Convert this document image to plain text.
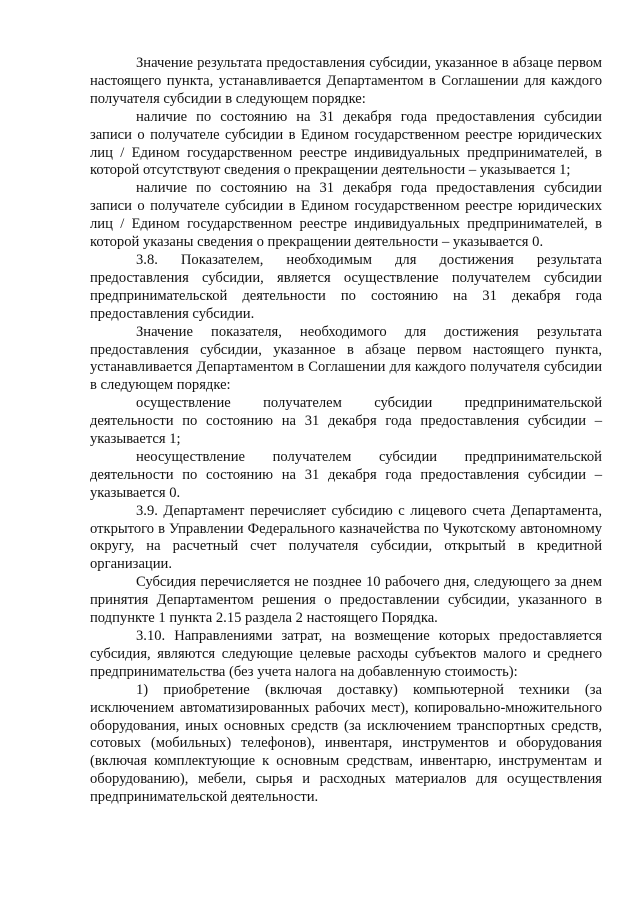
Значение результата предоставления субсидии, указанное в абзаце первом настоящего пункта, устанавливается Департаментом в Соглашении для каждого получателя субсидии в следующем порядке:

наличие по состоянию на 31 декабря года предоставления субсидии записи о получателе субсидии в Едином государственном реестре юридических лиц / Едином государственном реестре индивидуальных предпринимателей, в которой отсутствуют сведения о прекращении деятельности – указывается 1;

наличие по состоянию на 31 декабря года предоставления субсидии записи о получателе субсидии в Едином государственном реестре юридических лиц / Едином государственном реестре индивидуальных предпринимателей, в которой указаны сведения о прекращении деятельности – указывается 0.

3.8. Показателем, необходимым для достижения результата предоставления субсидии, является осуществление получателем субсидии предпринимательской деятельности по состоянию на 31 декабря года предоставления субсидии.

Значение показателя, необходимого для достижения результата предоставления субсидии, указанное в абзаце первом настоящего пункта, устанавливается Департаментом в Соглашении для каждого получателя субсидии в следующем порядке:

осуществление получателем субсидии предпринимательской деятельности по состоянию на 31 декабря года предоставления субсидии – указывается 1;

неосуществление получателем субсидии предпринимательской деятельности по состоянию на 31 декабря года предоставления субсидии – указывается 0.

3.9. Департамент перечисляет субсидию с лицевого счета Департамента, открытого в Управлении Федерального казначейства по Чукотскому автономному округу, на расчетный счет получателя субсидии, открытый в кредитной организации.

Субсидия перечисляется не позднее 10 рабочего дня, следующего за днем принятия Департаментом решения о предоставлении субсидии, указанного в подпункте 1 пункта 2.15 раздела 2 настоящего Порядка.

3.10. Направлениями затрат, на возмещение которых предоставляется субсидия, являются следующие целевые расходы субъектов малого и среднего предпринимательства (без учета налога на добавленную стоимость):

1) приобретение (включая доставку) компьютерной техники (за исключением автоматизированных рабочих мест), копировально-множительного оборудования, иных основных средств (за исключением транспортных средств, сотовых (мобильных) телефонов), инвентаря, инструментов и оборудования (включая комплектующие к основным средствам, инвентарю, инструментам и оборудованию), мебели, сырья и расходных материалов для осуществления предпринимательской деятельности.
